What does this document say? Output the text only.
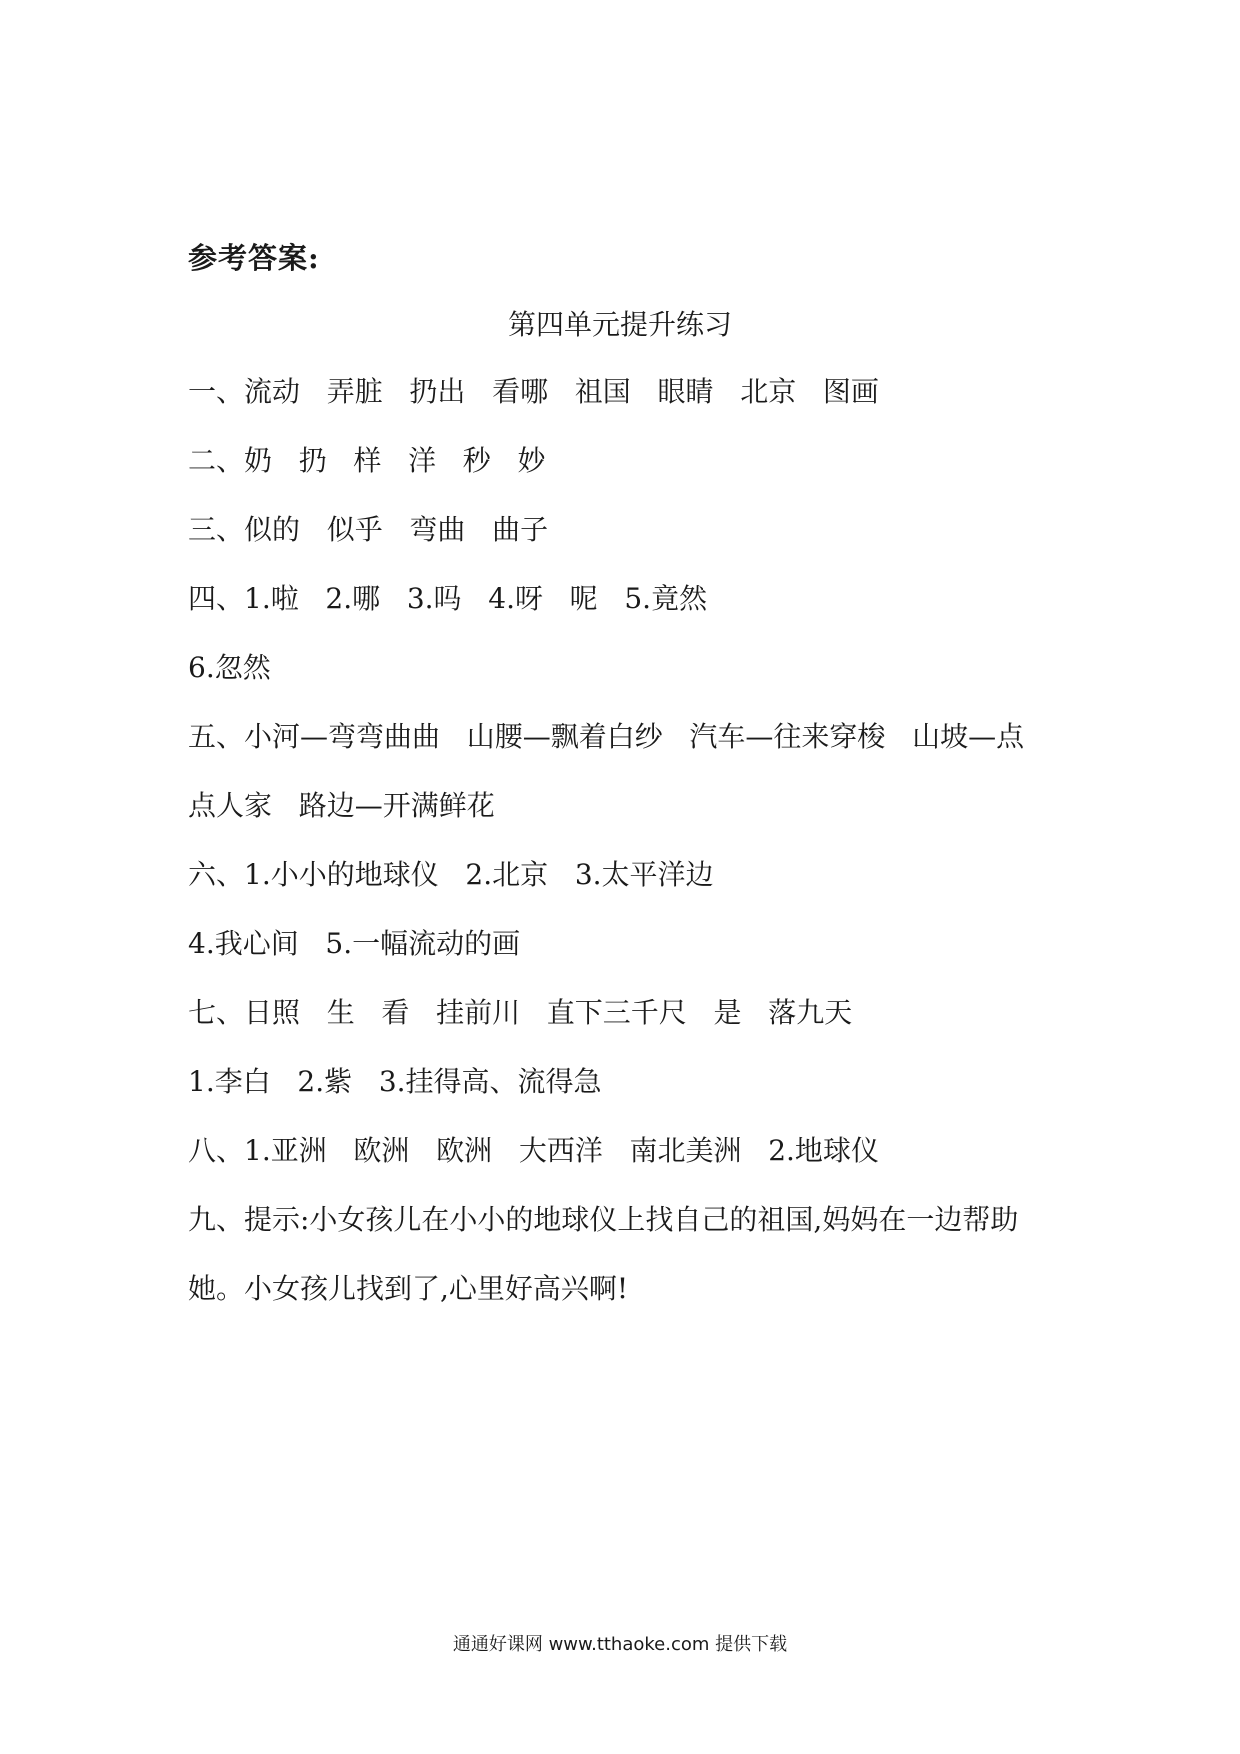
参考答案:
第四单元提升练习
一、流动   弄脏   扔出   看哪   祖国   眼睛   北京   图画
二、奶   扔   样   洋   秒   妙
三、似的   似乎   弯曲   曲子
四、1.啦   2.哪   3.吗   4.呀   呢   5.竟然
6.忽然
五、小河—弯弯曲曲   山腰—飘着白纱   汽车—往来穿梭   山坡—点
点人家   路边—开满鲜花
六、1.小小的地球仪   2.北京   3.太平洋边
4.我心间   5.一幅流动的画
七、日照   生   看   挂前川   直下三千尺   是   落九天
1.李白   2.紫   3.挂得高、流得急
八、1.亚洲   欧洲   欧洲   大西洋   南北美洲   2.地球仪
九、提示:小女孩儿在小小的地球仪上找自己的祖国,妈妈在一边帮助
她。小女孩儿找到了,心里好高兴啊!
通通好课网 www.tthaoke.com 提供下载
